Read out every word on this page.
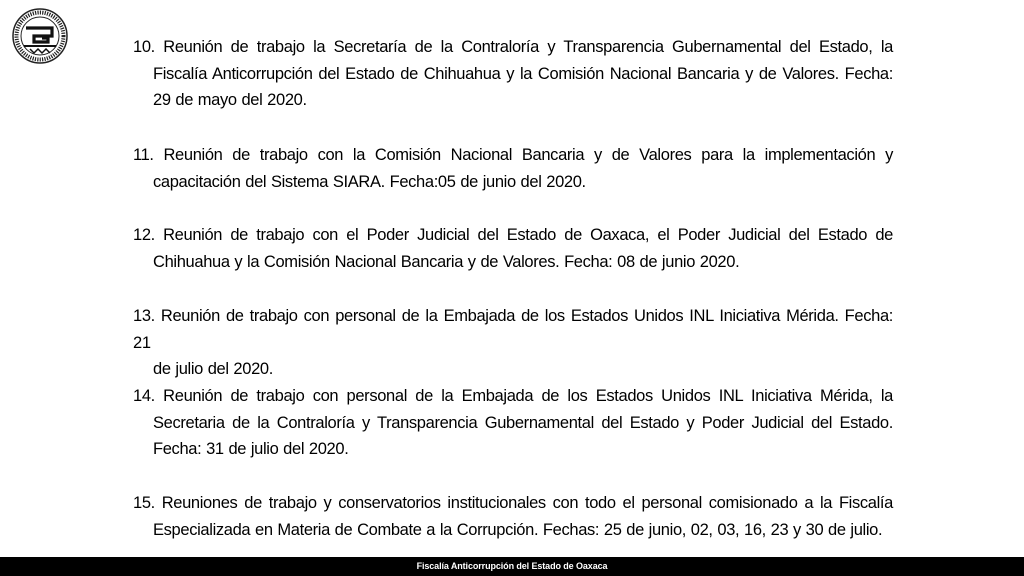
10. Reunión de trabajo la Secretaría de la Contraloría y Transparencia Gubernamental del Estado, la
Fiscalía Anticorrupción del Estado de Chihuahua y la Comisión Nacional Bancaria y de Valores. Fecha:
29 de mayo del 2020.
11. Reunión de trabajo con la Comisión Nacional Bancaria y de Valores para la implementación y
capacitación del Sistema SIARA. Fecha:05 de junio del 2020.
12. Reunión de trabajo con el Poder Judicial del Estado de Oaxaca, el Poder Judicial del Estado de
Chihuahua y la Comisión Nacional Bancaria y de Valores. Fecha: 08 de junio 2020.
13. Reunión de trabajo con personal de la Embajada de los Estados Unidos INL Iniciativa Mérida. Fecha: 21
de julio del 2020.
14. Reunión de trabajo con personal de la Embajada de los Estados Unidos INL Iniciativa Mérida, la
Secretaria de la Contraloría y Transparencia Gubernamental del Estado y Poder Judicial del Estado.
Fecha: 31 de julio del 2020.
15. Reuniones de trabajo y conservatorios institucionales con todo el personal comisionado a la Fiscalía
Especializada en Materia de Combate a la Corrupción. Fechas: 25 de junio, 02, 03, 16, 23 y 30 de julio.
Fiscalía Anticorrupción del Estado de Oaxaca
